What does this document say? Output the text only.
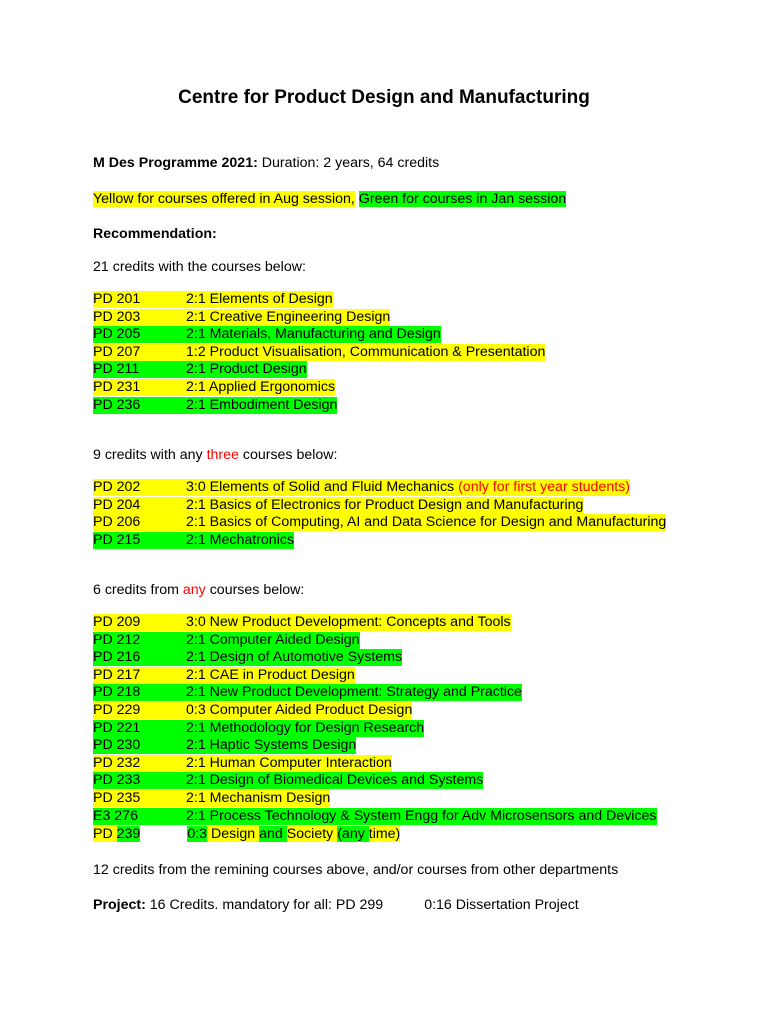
Centre for Product Design and Manufacturing
M Des Programme 2021: Duration: 2 years, 64 credits
Yellow for courses offered in Aug session, Green for courses in Jan session
Recommendation:
21 credits with the courses below:
PD 201	2:1 Elements of Design
PD 203	2:1 Creative Engineering Design
PD 205	2:1 Materials, Manufacturing and Design
PD 207	1:2 Product Visualisation, Communication & Presentation
PD 211	2:1 Product Design
PD 231	2:1 Applied Ergonomics
PD 236	2:1 Embodiment Design
9 credits with any three courses below:
PD 202	3:0 Elements of Solid and Fluid Mechanics (only for first year students)
PD 204	2:1 Basics of Electronics for Product Design and Manufacturing
PD 206	2:1 Basics of Computing, AI and Data Science for Design and Manufacturing
PD 215	2:1 Mechatronics
6 credits from any courses below:
PD 209	3:0 New Product Development: Concepts and Tools
PD 212	2:1 Computer Aided Design
PD 216	2:1 Design of Automotive Systems
PD 217	2:1 CAE in Product Design
PD 218	2:1 New Product Development: Strategy and Practice
PD 229	0:3 Computer Aided Product Design
PD 221	2:1 Methodology for Design Research
PD 230	2:1 Haptic Systems Design
PD 232	2:1 Human Computer Interaction
PD 233	2:1 Design of Biomedical Devices and Systems
PD 235	2:1 Mechanism Design
E3 276	2:1 Process Technology & System Engg for Adv Microsensors and Devices
PD 239	0:3 Design and Society (any time)
12 credits from the remining courses above, and/or courses from other departments
Project: 16 Credits. mandatory for all: PD 299	0:16 Dissertation Project
